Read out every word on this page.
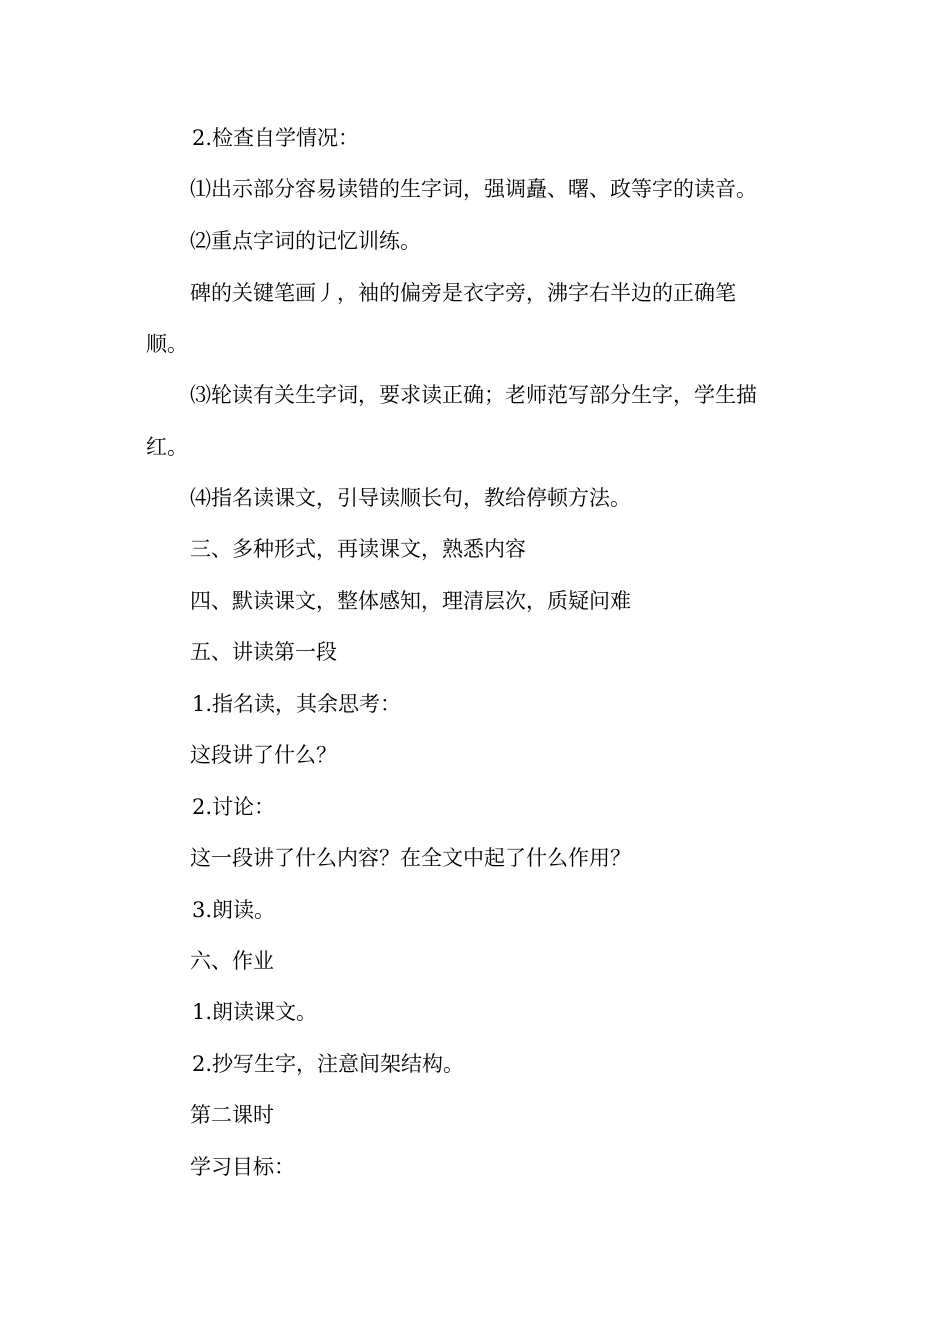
2.检查自学情况：
⑴出示部分容易读错的生字词，强调矗、曙、政等字的读音。
⑵重点字词的记忆训练。
碑的关键笔画丿，袖的偏旁是衣字旁，沸字右半边的正确笔
顺。
⑶轮读有关生字词，要求读正确；老师范写部分生字，学生描
红。
⑷指名读课文，引导读顺长句，教给停顿方法。
三、多种形式，再读课文，熟悉内容
四、默读课文，整体感知，理清层次，质疑问难
五、讲读第一段
1.指名读，其余思考：
这段讲了什么？
2.讨论：
这一段讲了什么内容？在全文中起了什么作用？
3.朗读。
六、作业
1.朗读课文。
2.抄写生字，注意间架结构。
第二课时
学习目标：
